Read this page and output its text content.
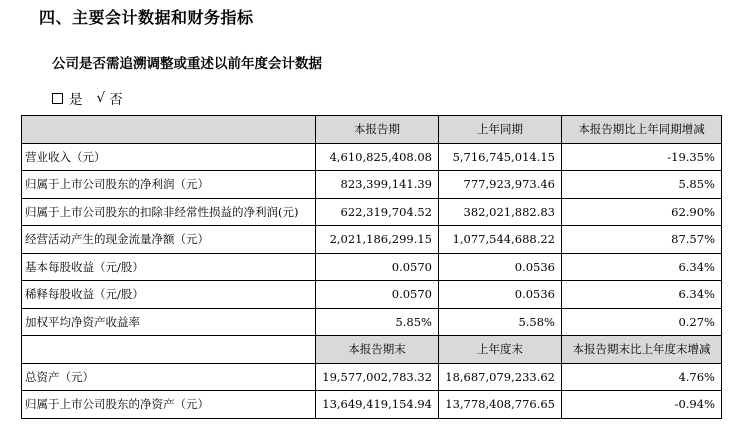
四、主要会计数据和财务指标
公司是否需追溯调整或重述以前年度会计数据
是 √ 否
	本报告期	上年同期	本报告期比上年同期增减
营业收入（元）	4,610,825,408.08	5,716,745,014.15	-19.35%
归属于上市公司股东的净利润（元）	823,399,141.39	777,923,973.46	5.85%
归属于上市公司股东的扣除非经常性损益的净利润(元)	622,319,704.52	382,021,882.83	62.90%
经营活动产生的现金流量净额（元）	2,021,186,299.15	1,077,544,688.22	87.57%
基本每股收益（元/股）	0.0570	0.0536	6.34%
稀释每股收益（元/股）	0.0570	0.0536	6.34%
加权平均净资产收益率	5.85%	5.58%	0.27%
	本报告期末	上年度末	本报告期末比上年度末增减
总资产（元）	19,577,002,783.32	18,687,079,233.62	4.76%
归属于上市公司股东的净资产（元）	13,649,419,154.94	13,778,408,776.65	-0.94%
